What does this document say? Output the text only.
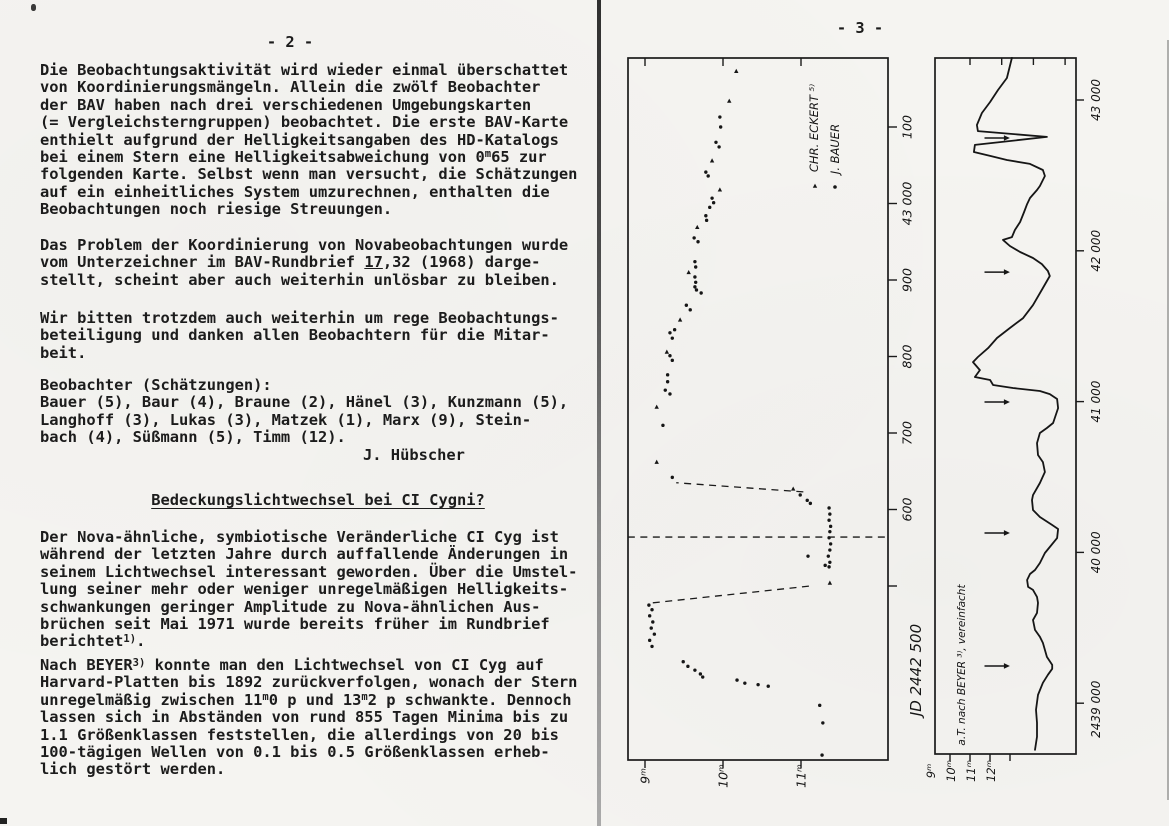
- 2 -
- 3 -
Die Beobachtungsaktivität wird wieder einmal überschattet
von Koordinierungsmängeln. Allein die zwölf Beobachter
der BAV haben nach drei verschiedenen Umgebungskarten
(= Vergleichsterngruppen) beobachtet. Die erste BAV-Karte
enthielt aufgrund der Helligkeitsangaben des HD-Katalogs
bei einem Stern eine Helligkeitsabweichung von 0$^m$65 zur
folgenden Karte. Selbst wenn man versucht, die Schätzungen
auf ein einheitliches System umzurechnen, enthalten die
Beobachtungen noch riesige Streuungen.
Das Problem der Koordinierung von Novabeobachtungen wurde
vom Unterzeichner im BAV-Rundbrief 17,32 (1968) darge-
stellt, scheint aber auch weiterhin unlösbar zu bleiben.
Wir bitten trotzdem auch weiterhin um rege Beobachtungs-
beteiligung und danken allen Beobachtern für die Mitar-
beit.
Beobachter (Schätzungen):
Bauer (5), Baur (4), Braune (2), Hänel (3), Kunzmann (5),
Langhoff (3), Lukas (3), Matzek (1), Marx (9), Stein-
bach (4), Süßmann (5), Timm (12).
J. Hübscher
Bedeckungslichtwechsel bei CI Cygni?
Der Nova-ähnliche, symbiotische Veränderliche CI Cyg ist
während der letzten Jahre durch auffallende Änderungen in
seinem Lichtwechsel interessant geworden. Über die Umstel-
lung seiner mehr oder weniger unregelmäßigen Helligkeits-
schwankungen geringer Amplitude zu Nova-ähnlichen Aus-
brüchen seit Mai 1971 wurde bereits früher im Rundbrief
berichtet$^{1)}$.
Nach BEYER$^{3)}$ konnte man den Lichtwechsel von CI Cyg auf
Harvard-Platten bis 1892 zurückverfolgen, wonach der Stern
unregelmäßig zwischen 11$^m$0 p und 13$^m$2 p schwankte. Dennoch
lassen sich in Abständen von rund 855 Tagen Minima bis zu
1.1 Größenklassen feststellen, die allerdings von 20 bis
100-tägigen Wellen von 0.1 bis 0.5 Größenklassen erheb-
lich gestört werden.
100
43 000
900
800
700
600
JD 2442 500
9ᵐ	10ᵐ	11ᵐ
CHR. ECKERT ⁵⁾ J. BAUER
43 000
42 000
41 000
40 000
2439 000
9ᵐ 10ᵐ 11ᵐ 12ᵐ
a.T. nach BEYER ³⁾, vereinfacht
